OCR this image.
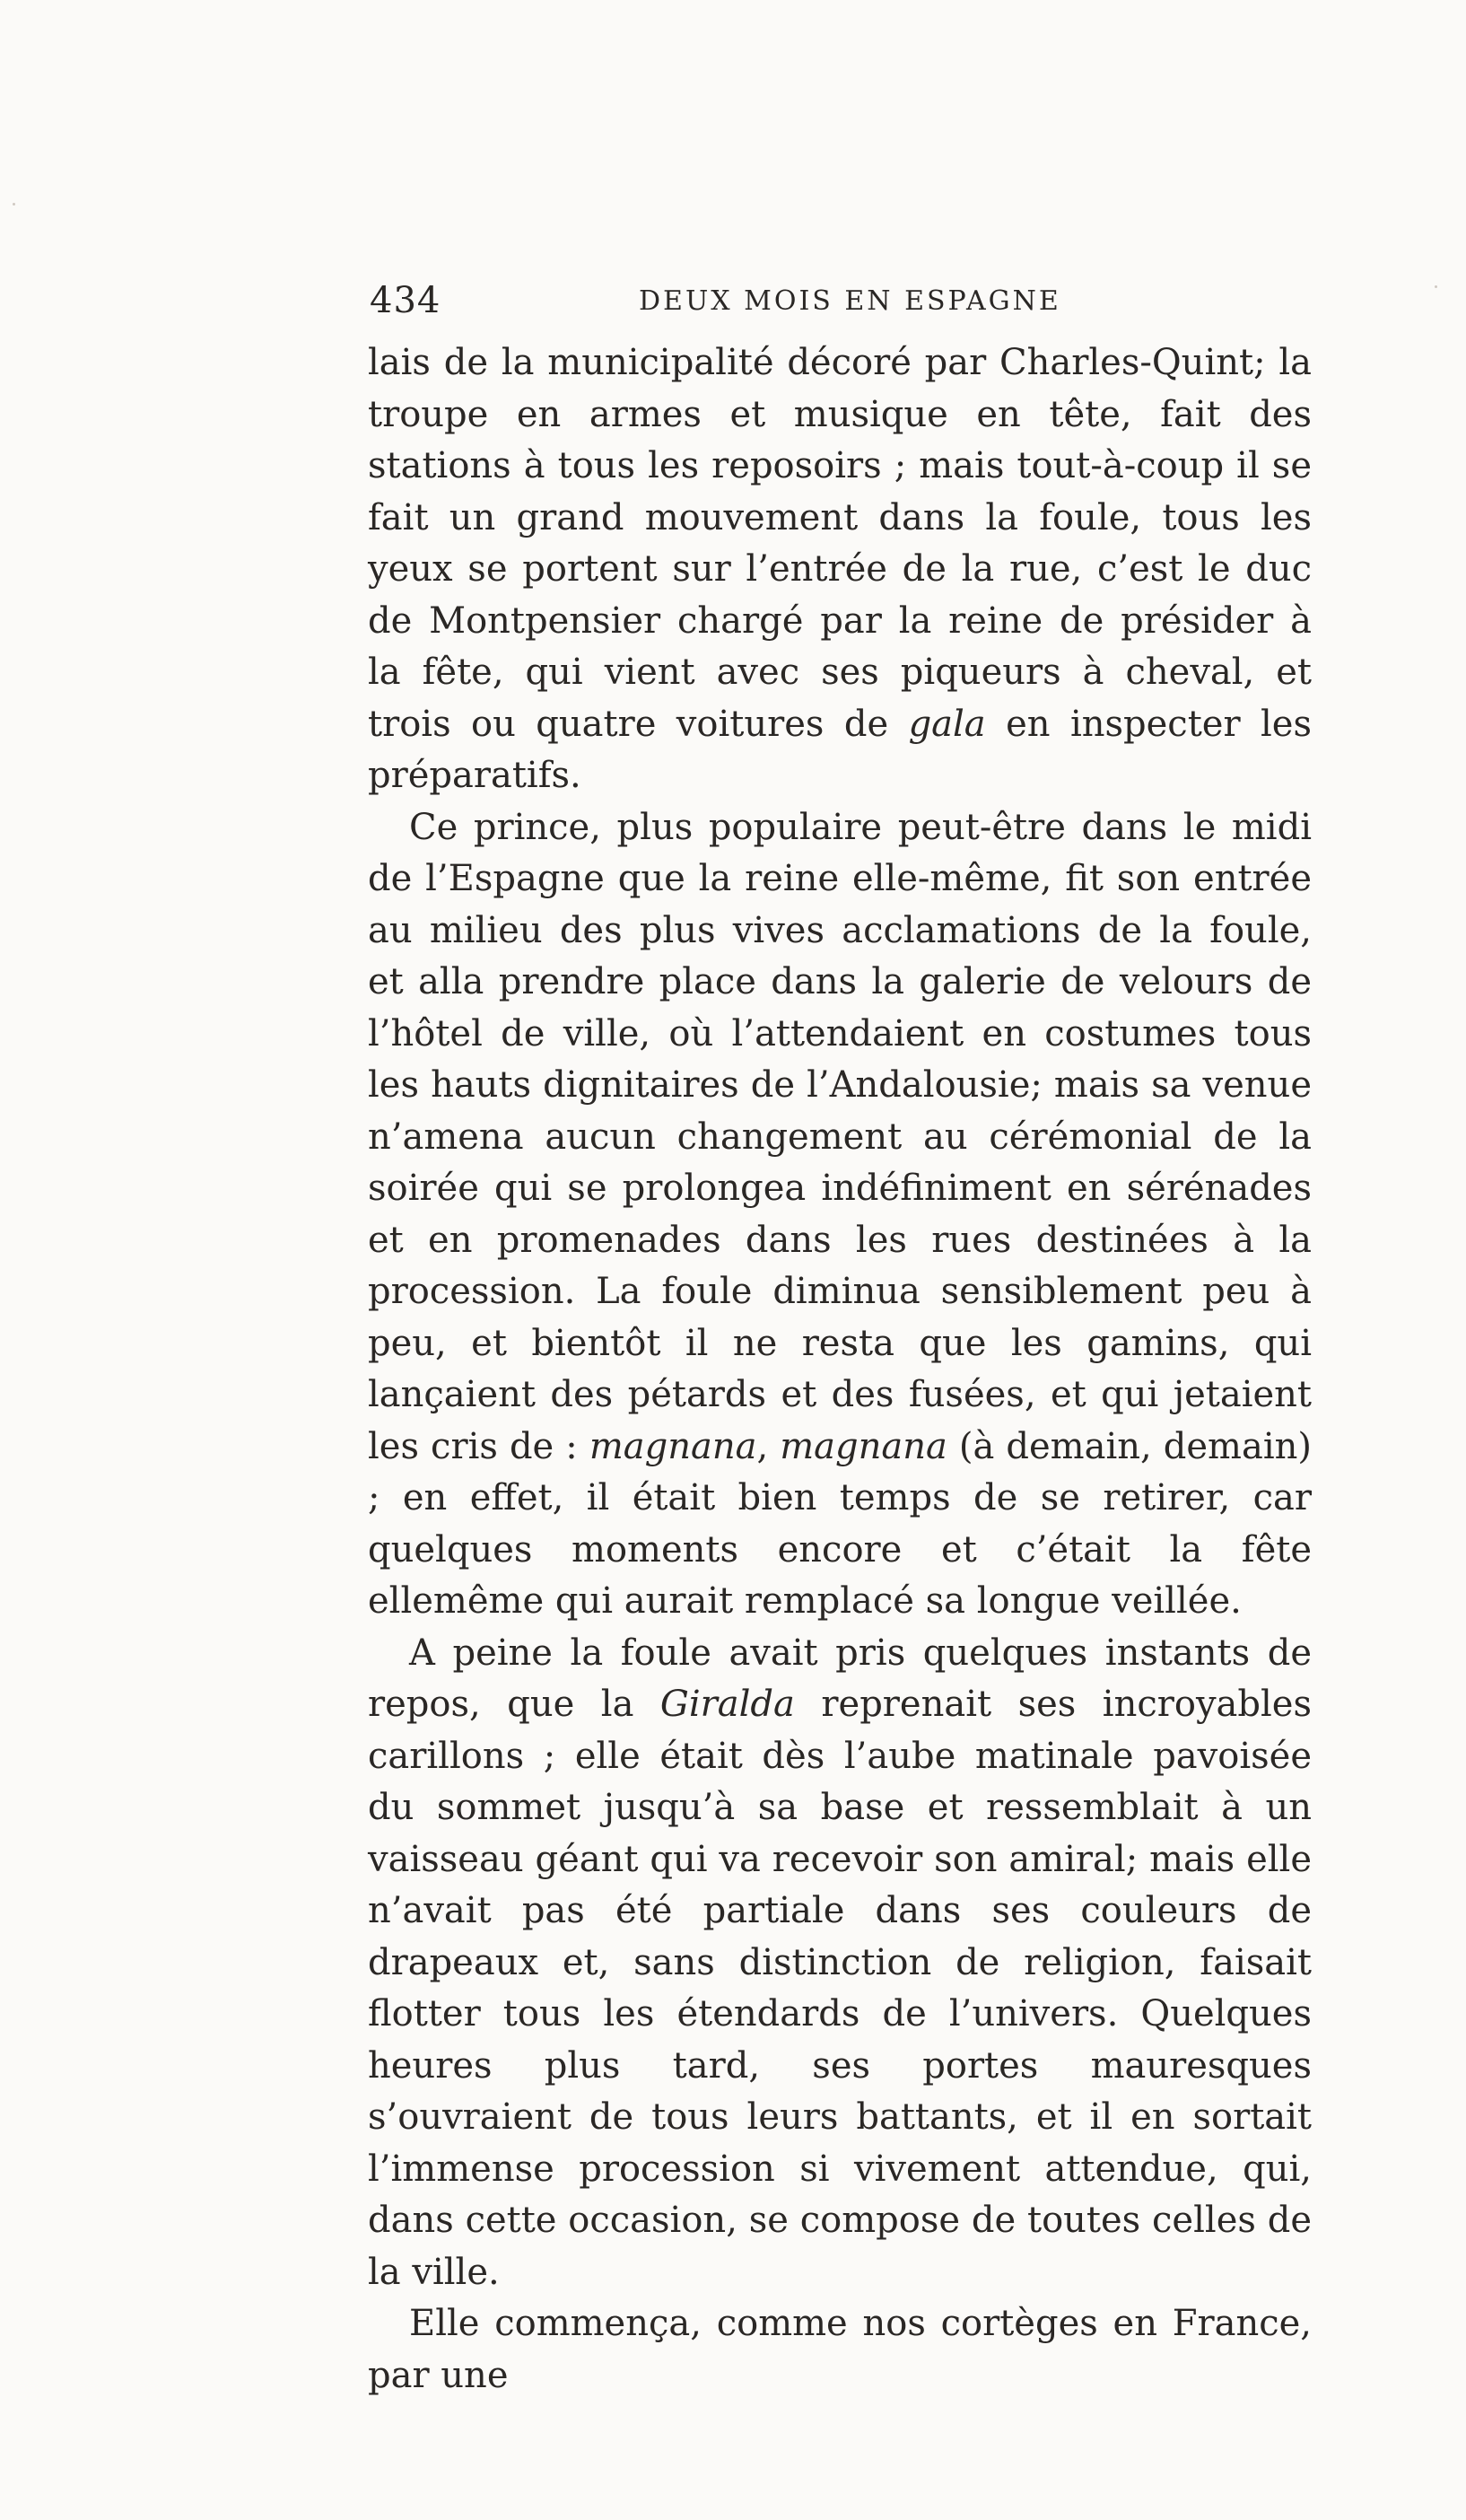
434	DEUX MOIS EN ESPAGNE

lais de la municipalité décoré par Charles-Quint; la troupe en armes et musique en tête, fait des stations à tous les reposoirs ; mais tout-à-coup il se fait un grand mouvement dans la foule, tous les yeux se portent sur l’entrée de la rue, c’est le duc de Montpensier chargé par la reine de présider à la fête, qui vient avec ses piqueurs à cheval, et trois ou quatre voitures de gala en inspecter les préparatifs.

Ce prince, plus populaire peut-être dans le midi de l’Espagne que la reine elle-même, fit son entrée au milieu des plus vives acclamations de la foule, et alla prendre place dans la galerie de velours de l’hôtel de ville, où l’attendaient en costumes tous les hauts dignitaires de l’Andalousie; mais sa venue n’amena aucun changement au cérémonial de la soirée qui se prolongea indéfiniment en sérénades et en promenades dans les rues destinées à la procession. La foule diminua sensiblement peu à peu, et bientôt il ne resta que les gamins, qui lançaient des pétards et des fusées, et qui jetaient les cris de : magnana, magnana (à demain, demain) ; en effet, il était bien temps de se retirer, car quelques moments encore et c’était la fête ellemême qui aurait remplacé sa longue veillée.

A peine la foule avait pris quelques instants de repos, que la Giralda reprenait ses incroyables carillons ; elle était dès l’aube matinale pavoisée du sommet jusqu’à sa base et ressemblait à un vaisseau géant qui va recevoir son amiral; mais elle n’avait pas été partiale dans ses couleurs de drapeaux et, sans distinction de religion, faisait flotter tous les étendards de l’univers. Quelques heures plus tard, ses portes mauresques s’ouvraient de tous leurs battants, et il en sortait l’immense procession si vivement attendue, qui, dans cette occasion, se compose de toutes celles de la ville.

Elle commença, comme nos cortèges en France, par une
